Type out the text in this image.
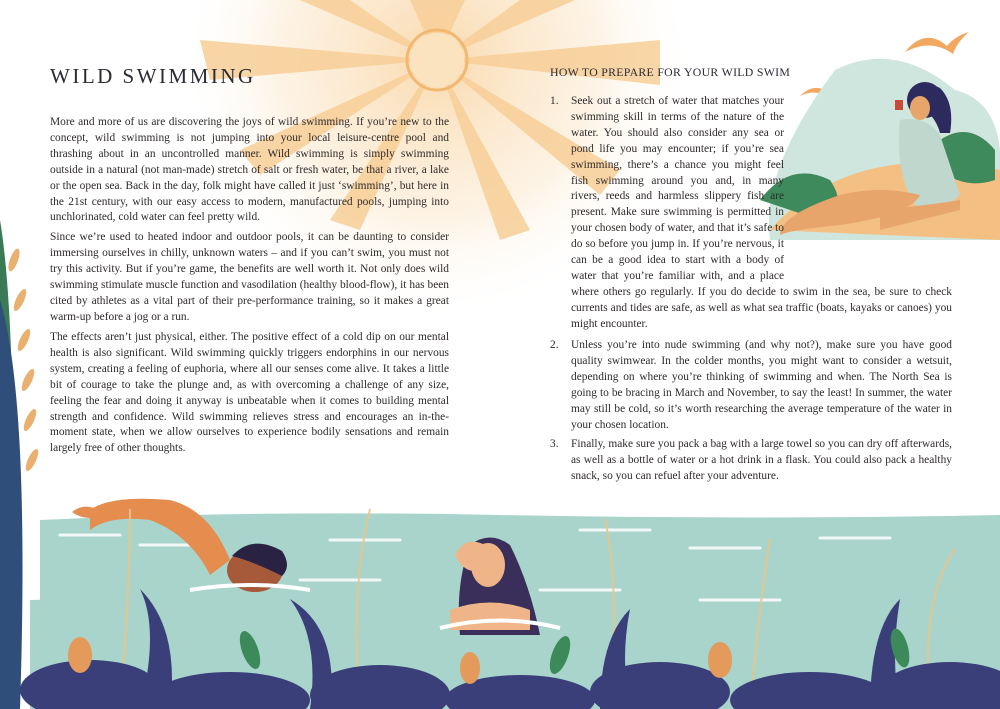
WILD SWIMMING

More and more of us are discovering the joys of wild swimming. If you’re new to the concept, wild swimming is not jumping into your local leisure-centre pool and thrashing about in an uncontrolled manner. Wild swimming is simply swimming outside in a natural (not man-made) stretch of salt or fresh water, be that a river, a lake or the open sea. Back in the day, folk might have called it just ‘swimming’, but here in the 21st century, with our easy access to modern, manufactured pools, jumping into unchlorinated, cold water can feel pretty wild.

Since we’re used to heated indoor and outdoor pools, it can be daunting to consider immersing ourselves in chilly, unknown waters – and if you can’t swim, you must not try this activity. But if you’re game, the benefits are well worth it. Not only does wild swimming stimulate muscle function and vasodilation (healthy blood-flow), it has been cited by athletes as a vital part of their pre-performance training, so it makes a great warm-up before a jog or a run.

The effects aren’t just physical, either. The positive effect of a cold dip on our mental health is also significant. Wild swimming quickly triggers endorphins in our nervous system, creating a feeling of euphoria, where all our senses come alive. It takes a little bit of courage to take the plunge and, as with overcoming a challenge of any size, feeling the fear and doing it anyway is unbeatable when it comes to building mental strength and confidence. Wild swimming relieves stress and encourages an in-the-moment state, when we allow ourselves to experience bodily sensations and remain largely free of other thoughts.

HOW TO PREPARE FOR YOUR WILD SWIM
1. Seek out a stretch of water that matches your swimming skill in terms of the nature of the water. You should also consider any sea or pond life you may encounter; if you’re sea swimming, there’s a chance you might feel fish swimming around you and, in many rivers, reeds and harmless slippery fish are present. Make sure swimming is permitted in your chosen body of water, and that it’s safe to do so before you jump in. If you’re nervous, it can be a good idea to start with a body of water that you’re familiar with, and a place where others go regularly. If you do decide to swim in the sea, be sure to check currents and tides are safe, as well as what sea traffic (boats, kayaks or canoes) you might encounter.
2. Unless you’re into nude swimming (and why not?), make sure you have good quality swimwear. In the colder months, you might want to consider a wetsuit, depending on where you’re thinking of swimming and when. The North Sea is going to be bracing in March and November, to say the least! In summer, the water may still be cold, so it’s worth researching the average temperature of the water in your chosen location.
3. Finally, make sure you pack a bag with a large towel so you can dry off afterwards, as well as a bottle of water or a hot drink in a flask. You could also pack a healthy snack, so you can refuel after your adventure.
